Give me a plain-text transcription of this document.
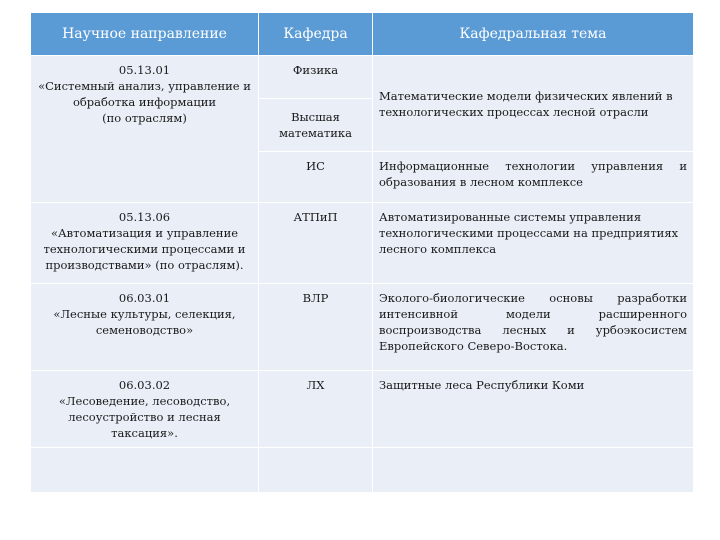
Научное направление	Кафедра	Кафедральная тема

05.13.01
«Системный анализ, управление и
обработка информации
(по отраслям)	Физика	Математические модели физических явлений в технологических процессах лесной отрасли
	Высшая математика	
	ИС	Информационные технологии управления и образования в лесном комплексе

05.13.06
«Автоматизация и управление
технологическими процессами и
производствами» (по отраслям).	АТПиП	Автоматизированные системы управления технологическими процессами на предприятиях лесного комплекса

06.03.01
«Лесные культуры, селекция,
семеноводство»	ВЛР	Эколого-биологические основы разработки интенсивной модели расширенного воспроизводства лесных и урбоэкосистем Европейского Северо-Востока.

06.03.02
«Лесоведение, лесоводство,
лесоустройство и лесная таксация».	ЛХ	Защитные леса Республики Коми
